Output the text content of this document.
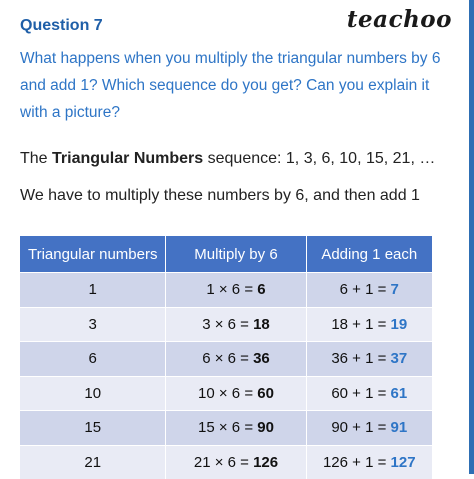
teachoo
Question 7
What happens when you multiply the triangular numbers by 6 and add 1? Which sequence do you get? Can you explain it with a picture?
The Triangular Numbers sequence: 1, 3, 6, 10, 15, 21, …
We have to multiply these numbers by 6, and then add 1
Triangular numbers	Multiply by 6	Adding 1 each
1	1 × 6 = 6	6 + 1 = 7
3	3 × 6 = 18	18 + 1 = 19
6	6 × 6 = 36	36 + 1 = 37
10	10 × 6 = 60	60 + 1 = 61
15	15 × 6 = 90	90 + 1 = 91
21	21 × 6 = 126	126 + 1 = 127
